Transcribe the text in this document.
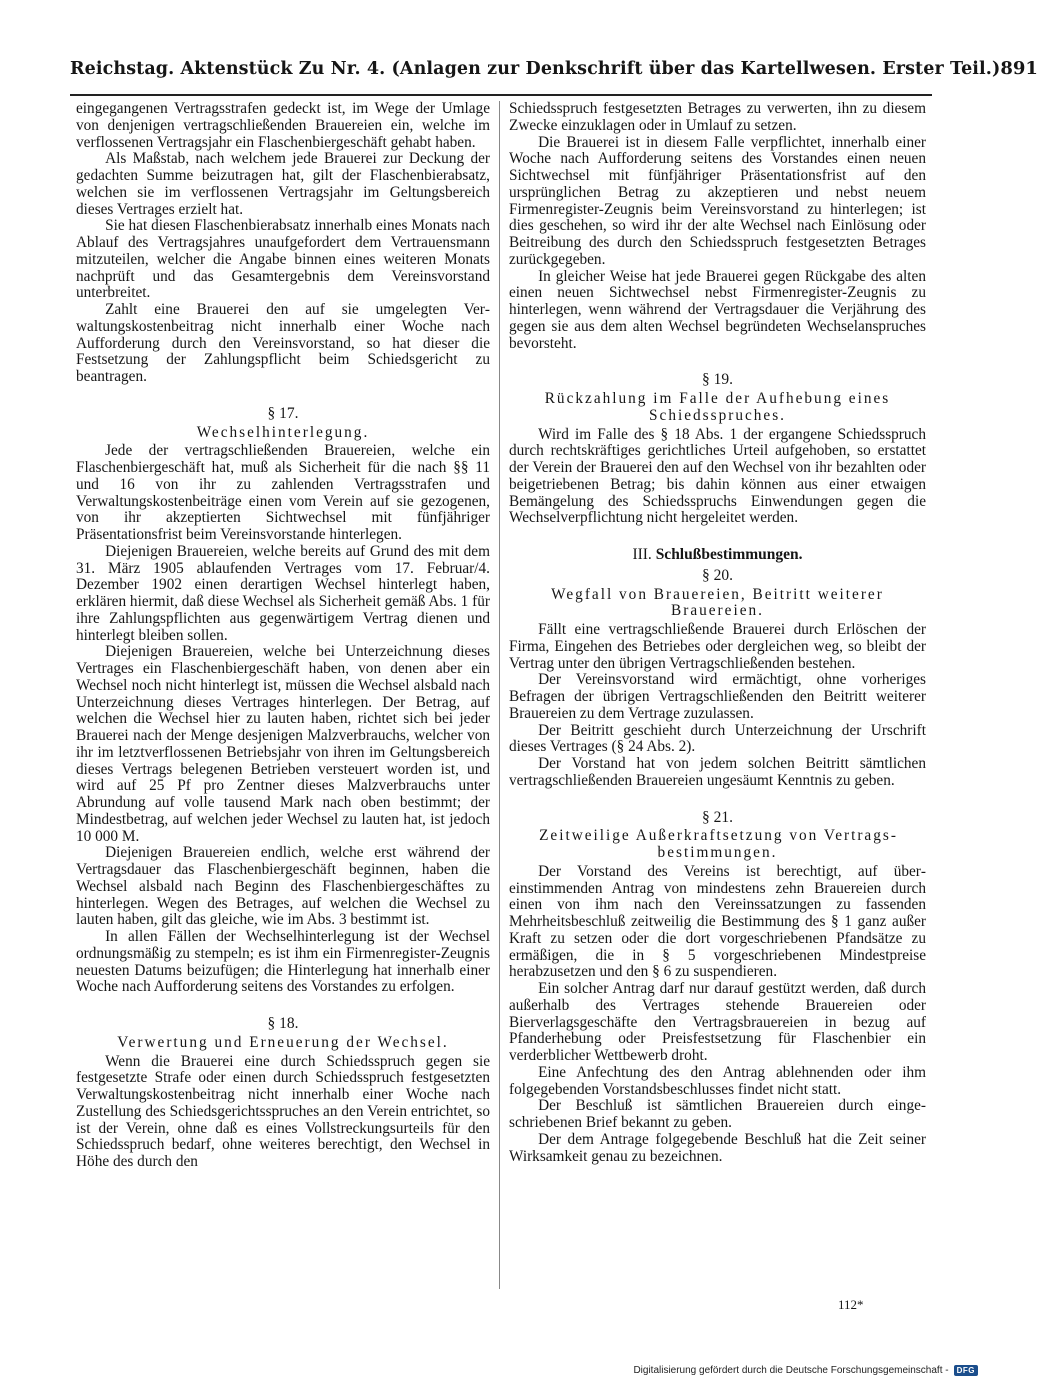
Reichstag. Aktenstück Zu Nr. 4. (Anlagen zur Denkschrift über das Kartellwesen. Erster Teil.) 891

eingegangenen Vertragsstrafen gedeckt ist, im Wege der Umlage von denjenigen vertragschließenden Brauereien ein, welche im verflossenen Vertragsjahr ein Flaschenbiergeschäft gehabt haben.

Als Maßstab, nach welchem jede Brauerei zur Deckung der gedachten Summe beizutragen hat, gilt der Flaschenbierabsatz, welchen sie im verflossenen Vertragsjahr im Geltungsbereich dieses Vertrages erzielt hat.

Sie hat diesen Flaschenbierabsatz innerhalb eines Monats nach Ablauf des Vertragsjahres unaufgefordert dem Vertrauensmann mitzuteilen, welcher die Angabe binnen eines weiteren Monats nachprüft und das Gesamtergebnis dem Vereinsvorstand unterbreitet.

Zahlt eine Brauerei den auf sie umgelegten Verwaltungskostenbeitrag nicht innerhalb einer Woche nach Aufforderung durch den Vereinsvorstand, so hat dieser die Festsetzung der Zahlungspflicht beim Schiedsgericht zu beantragen.

§ 17.
Wechselhinterlegung.

Jede der vertragschließenden Brauereien, welche ein Flaschenbiergeschäft hat, muß als Sicherheit für die nach §§ 11 und 16 von ihr zu zahlenden Vertragsstrafen und Verwaltungskostenbeiträge einen vom Verein auf sie gezogenen, von ihr akzeptierten Sichtwechsel mit fünfjähriger Präsentationsfrist beim Vereinsvorstande hinterlegen.

Diejenigen Brauereien, welche bereits auf Grund des mit dem 31. März 1905 ablaufenden Vertrages vom 17. Februar/4. Dezember 1902 einen derartigen Wechsel hinterlegt haben, erklären hiermit, daß diese Wechsel als Sicherheit gemäß Abs. 1 für ihre Zahlungspflichten aus gegenwärtigem Vertrag dienen und hinterlegt bleiben sollen.

Diejenigen Brauereien, welche bei Unterzeichnung dieses Vertrages ein Flaschenbiergeschäft haben, von denen aber ein Wechsel noch nicht hinterlegt ist, müssen die Wechsel alsbald nach Unterzeichnung dieses Vertrages hinterlegen. Der Betrag, auf welchen die Wechsel hier zu lauten haben, richtet sich bei jeder Brauerei nach der Menge desjenigen Malzverbrauchs, welcher von ihr im letztverflossenen Betriebsjahr von ihren im Geltungsbereich dieses Vertrags belegenen Betrieben versteuert worden ist, und wird auf 25 Pf pro Zentner dieses Malzverbrauchs unter Abrundung auf volle tausend Mark nach oben bestimmt; der Mindestbetrag, auf welchen jeder Wechsel zu lauten hat, ist jedoch 10 000 M.

Diejenigen Brauereien endlich, welche erst während der Vertragsdauer das Flaschenbiergeschäft beginnen, haben die Wechsel alsbald nach Beginn des Flaschenbiergeschäftes zu hinterlegen. Wegen des Betrages, auf welchen die Wechsel zu lauten haben, gilt das gleiche, wie im Abs. 3 bestimmt ist.

In allen Fällen der Wechselhinterlegung ist der Wechsel ordnungsmäßig zu stempeln; es ist ihm ein Firmenregister-Zeugnis neuesten Datums beizufügen; die Hinterlegung hat innerhalb einer Woche nach Aufforderung seitens des Vorstandes zu erfolgen.

§ 18.
Verwertung und Erneuerung der Wechsel.

Wenn die Brauerei eine durch Schiedsspruch gegen sie festgesetzte Strafe oder einen durch Schiedsspruch festgesetzten Verwaltungskostenbeitrag nicht innerhalb einer Woche nach Zustellung des Schiedsgerichtsspruches an den Verein entrichtet, so ist der Verein, ohne daß es eines Vollstreckungsurteils für den Schiedsspruch bedarf, ohne weiteres berechtigt, den Wechsel in Höhe des durch den

Schiedsspruch festgesetzten Betrages zu verwerten, ihn zu diesem Zwecke einzuklagen oder in Umlauf zu setzen.

Die Brauerei ist in diesem Falle verpflichtet, innerhalb einer Woche nach Aufforderung seitens des Vorstandes einen neuen Sichtwechsel mit fünfjähriger Präsentationsfrist auf den ursprünglichen Betrag zu akzeptieren und nebst neuem Firmenregister-Zeugnis beim Vereinsvorstand zu hinterlegen; ist dies geschehen, so wird ihr der alte Wechsel nach Einlösung oder Beitreibung des durch den Schiedsspruch festgesetzten Betrages zurückgegeben.

In gleicher Weise hat jede Brauerei gegen Rückgabe des alten einen neuen Sichtwechsel nebst Firmenregister-Zeugnis zu hinterlegen, wenn während der Vertragsdauer die Verjährung des gegen sie aus dem alten Wechsel begründeten Wechselanspruches bevorsteht.

§ 19.
Rückzahlung im Falle der Aufhebung eines Schiedsspruches.

Wird im Falle des § 18 Abs. 1 der ergangene Schiedsspruch durch rechtskräftiges gerichtliches Urteil aufgehoben, so erstattet der Verein der Brauerei den auf den Wechsel von ihr bezahlten oder beigetriebenen Betrag; bis dahin können aus einer etwaigen Bemängelung des Schiedsspruchs Einwendungen gegen die Wechselverpflichtung nicht hergeleitet werden.

III. Schlußbestimmungen.
§ 20.
Wegfall von Brauereien, Beitritt weiterer Brauereien.

Fällt eine vertragschließende Brauerei durch Erlöschen der Firma, Eingehen des Betriebes oder dergleichen weg, so bleibt der Vertrag unter den übrigen Vertragschließenden bestehen.

Der Vereinsvorstand wird ermächtigt, ohne vorheriges Befragen der übrigen Vertragschließenden den Beitritt weiterer Brauereien zu dem Vertrage zuzulassen.

Der Beitritt geschieht durch Unterzeichnung der Urschrift dieses Vertrages (§ 24 Abs. 2).

Der Vorstand hat von jedem solchen Beitritt sämtlichen vertragschließenden Brauereien ungesäumt Kenntnis zu geben.

§ 21.
Zeitweilige Außerkraftsetzung von Vertragsbestimmungen.

Der Vorstand des Vereins ist berechtigt, auf übereinstimmenden Antrag von mindestens zehn Brauereien durch einen von ihm nach den Vereinssatzungen zu fassenden Mehrheitsbeschluß zeitweilig die Bestimmung des § 1 ganz außer Kraft zu setzen oder die dort vorgeschriebenen Pfandsätze zu ermäßigen, die in § 5 vorgeschriebenen Mindestpreise herabzusetzen und den § 6 zu suspendieren.

Ein solcher Antrag darf nur darauf gestützt werden, daß durch außerhalb des Vertrages stehende Brauereien oder Bierverlagsgeschäfte den Vertragsbrauereien in bezug auf Pfanderhebung oder Preisfestsetzung für Flaschenbier ein verderblicher Wettbewerb droht.

Eine Anfechtung des den Antrag ablehnenden oder ihm folgegebenden Vorstandsbeschlusses findet nicht statt.

Der Beschluß ist sämtlichen Brauereien durch eingeschriebenen Brief bekannt zu geben.

Der dem Antrage folgegebende Beschluß hat die Zeit seiner Wirksamkeit genau zu bezeichnen.

112*
Digitalisierung gefördert durch die Deutsche Forschungsgemeinschaft -	DFG
